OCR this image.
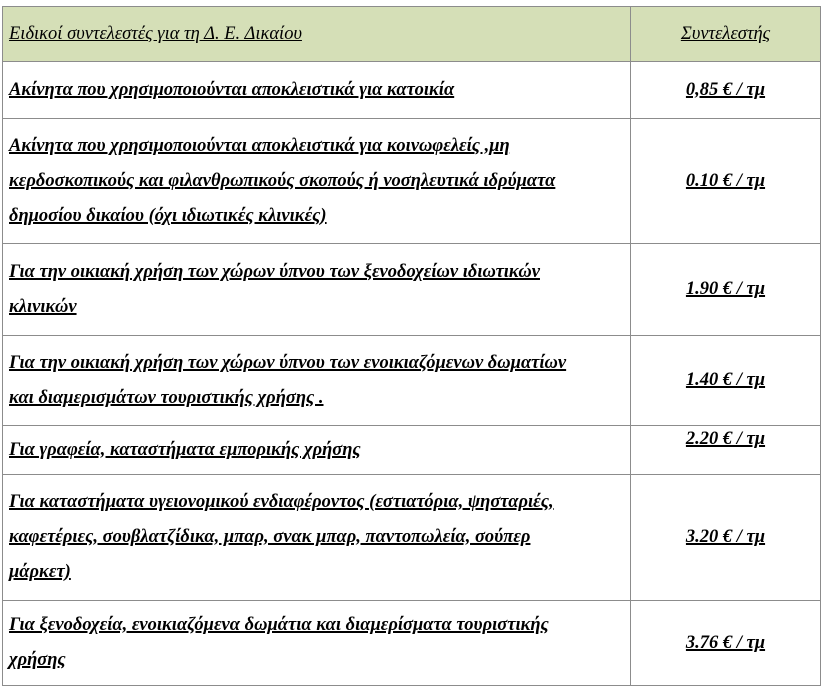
Ειδικοί συντελεστές για τη Δ. Ε. Δικαίου	Συντελεστής

Ακίνητα που χρησιμοποιούνται αποκλειστικά για κατοικία	0,85 € / τμ

Ακίνητα που χρησιμοποιούνται αποκλειστικά για κοινωφελείς ,μη
κερδοσκοπικούς και φιλανθρωπικούς σκοπούς ή νοσηλευτικά ιδρύματα
δημοσίου δικαίου (όχι ιδιωτικές κλινικές)	0.10 € / τμ

Για την οικιακή χρήση των χώρων ύπνου των ξενοδοχείων ιδιωτικών
κλινικών	1.90 € / τμ

Για την οικιακή χρήση των χώρων ύπνου των ενοικιαζόμενων δωματίων
και διαμερισμάτων τουριστικής χρήσης .	1.40 € / τμ

Για γραφεία, καταστήματα εμπορικής χρήσης	2.20 € / τμ

Για καταστήματα υγειονομικού ενδιαφέροντος (εστιατόρια, ψησταριές,
καφετέριες, σουβλατζίδικα, μπαρ, σνακ μπαρ, παντοπωλεία, σούπερ
μάρκετ)	3.20 € / τμ

Για ξενοδοχεία, ενοικιαζόμενα δωμάτια και διαμερίσματα τουριστικής
χρήσης	3.76 € / τμ
